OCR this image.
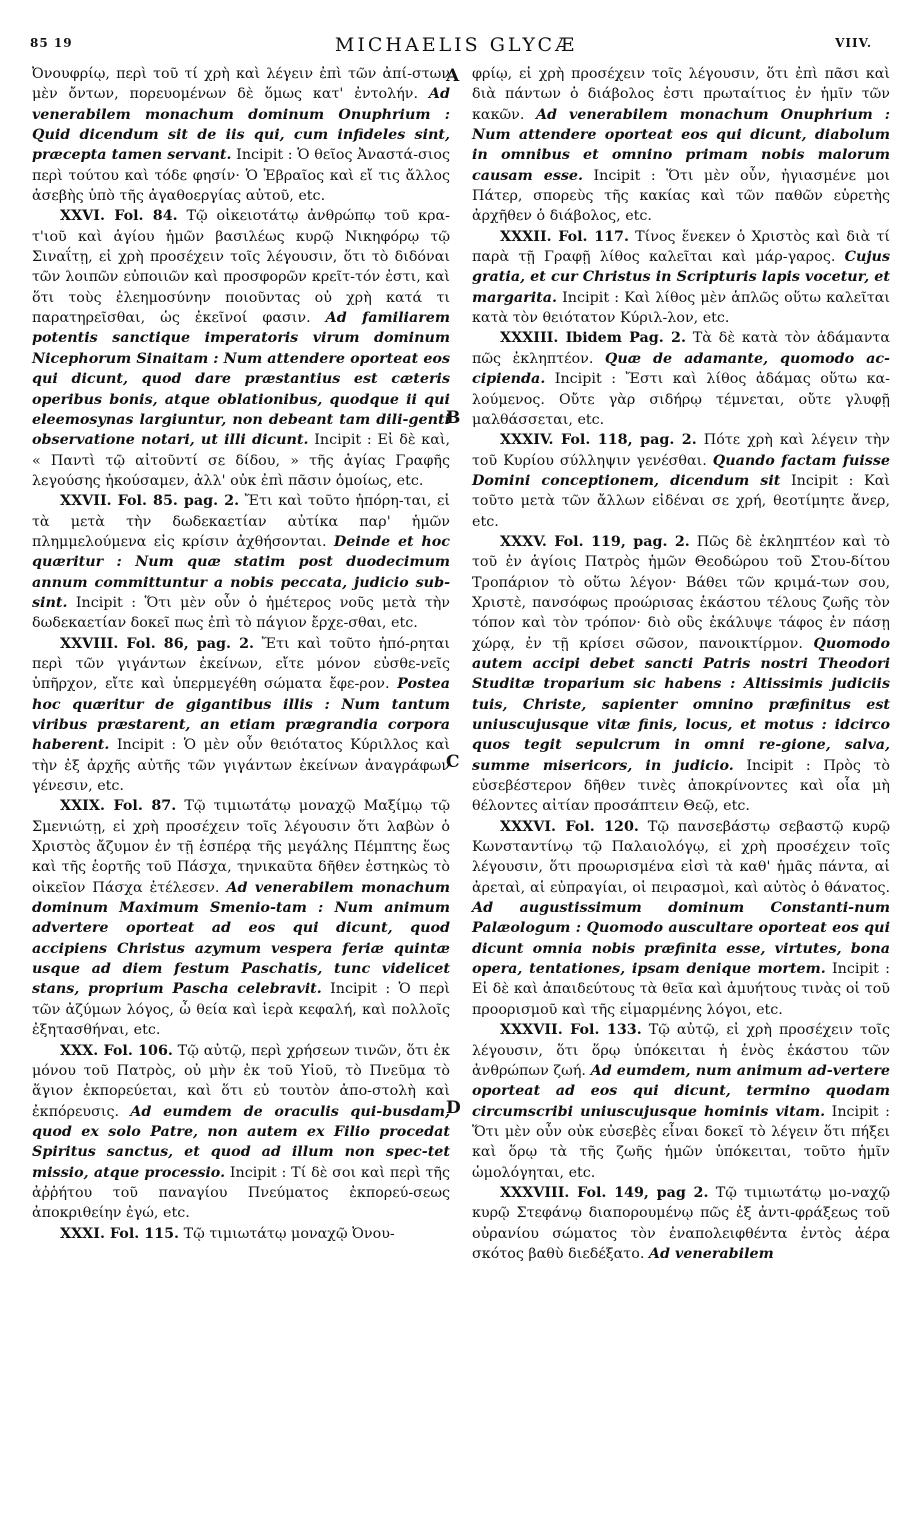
85 19	MICHAELIS GLYCÆ	VIIV.

Ὀνουφρίῳ, περὶ τοῦ τί χρὴ καὶ λέγειν ἐπὶ τῶν ἀπί-στων μὲν ὄντων, πορευομένων δὲ ὅμως κατ' ἐντολήν. Ad venerabilem monachum dominum Onuphrium : Quid dicendum sit de iis qui, cum infideles sint, præcepta tamen servant. Incipit : Ὁ θεῖος Ἀναστά-σιος περὶ τούτου καὶ τόδε φησίν· Ὁ Ἑβραῖος καὶ εἴ τις ἄλλος ἀσεβὴς ὑπὸ τῆς ἀγαθοεργίας αὐτοῦ, etc.

XXVI. Fol. 84. Τῷ οἰκειοτάτῳ ἀνθρώπῳ τοῦ κρα-τ'ιοῦ καὶ ἁγίου ἡμῶν βασιλέως κυρῷ Νικηφόρῳ τῷ Σιναΐτῃ, εἰ χρὴ προσέχειν τοῖς λέγουσιν, ὅτι τὸ διδόναι τῶν λοιπῶν εὐποιιῶν καὶ προσφορῶν κρεῖτ-τόν ἐστι, καὶ ὅτι τοὺς ἐλεημοσύνην ποιοῦντας οὐ χρὴ κατά τι παρατηρεῖσθαι, ὡς ἐκεῖνοί φασιν. Ad familiarem potentis sanctique imperatoris virum dominum Nicephorum Sinaitam : Num attendere oporteat eos qui dicunt, quod dare præstantius est cæteris operibus bonis, atque oblationibus, quodque ii qui eleemosynas largiuntur, non debeant tam dili-genti observatione notari, ut illi dicunt. Incipit : Εἰ δὲ καὶ, « Παντὶ τῷ αἰτοῦντί σε δίδου, » τῆς ἁγίας Γραφῆς λεγούσης ἠκούσαμεν, ἀλλ' οὐκ ἐπὶ πᾶσιν ὁμοίως, etc.

XXVII. Fol. 85. pag. 2. Ἔτι καὶ τοῦτο ἠπόρη-ται, εἰ τὰ μετὰ τὴν δωδεκαετίαν αὐτίκα παρ' ἡμῶν πλημμελούμενα εἰς κρίσιν ἀχθήσονται. Deinde et hoc quæritur : Num quæ statim post duodecimum annum committuntur a nobis peccata, judicio sub-sint. Incipit : Ὅτι μὲν οὖν ὁ ἡμέτερος νοῦς μετὰ τὴν δωδεκαετίαν δοκεῖ πως ἐπὶ τὸ πάγιον ἔρχε-σθαι, etc.

XXVIII. Fol. 86, pag. 2. Ἔτι καὶ τοῦτο ἠπό-ρηται περὶ τῶν γιγάντων ἐκείνων, εἴτε μόνον εὐσθε-νεῖς ὑπῆρχον, εἴτε καὶ ὑπερμεγέθη σώματα ἔφε-ρον. Postea hoc quæritur de gigantibus illis : Num tantum viribus præstarent, an etiam prægrandia corpora haberent. Incipit : Ὁ μὲν οὖν θειότατος Κύριλλος καὶ τὴν ἐξ ἀρχῆς αὐτῆς τῶν γιγάντων ἐκείνων ἀναγράφων γένεσιν, etc.

XXIX. Fol. 87. Τῷ τιμιωτάτῳ μοναχῷ Μαξίμῳ τῷ Σμενιώτῃ, εἰ χρὴ προσέχειν τοῖς λέγουσιν ὅτι λαβὼν ὁ Χριστὸς ἄζυμον ἐν τῇ ἑσπέρᾳ τῆς μεγάλης Πέμπτης ἕως καὶ τῆς ἑορτῆς τοῦ Πάσχα, τηνικαῦτα δῆθεν ἑστηκὼς τὸ οἰκεῖον Πάσχα ἐτέλεσεν. Ad venerabilem monachum dominum Maximum Smenio-tam : Num animum advertere oporteat ad eos qui dicunt, quod accipiens Christus azymum vespera feriæ quintæ usque ad diem festum Paschatis, tunc videlicet stans, proprium Pascha celebravit. Incipit : Ὁ περὶ τῶν ἀζύμων λόγος, ὦ θεία καὶ ἱερὰ κεφαλή, καὶ πολλοῖς ἐξητασθήναι, etc.

XXX. Fol. 106. Τῷ αὐτῷ, περὶ χρήσεων τινῶν, ὅτι ἐκ μόνου τοῦ Πατρὸς, οὐ μὴν ἐκ τοῦ Υἱοῦ, τὸ Πνεῦμα τὸ ἅγιον ἐκπορεύεται, καὶ ὅτι εὐ τουτὸν ἀπο-στολὴ καὶ ἐκπόρευσις. Ad eumdem de oraculis qui-busdam, quod ex solo Patre, non autem ex Filio procedat Spiritus sanctus, et quod ad illum non spec-tet missio, atque processio. Incipit : Τί δὲ σοι καὶ περὶ τῆς ἀῤῥήτου τοῦ παναγίου Πνεύματος ἐκπορεύ-σεως ἀποκριθείην ἐγώ, etc.

XXXI. Fol. 115. Τῷ τιμιωτάτῳ μοναχῷ Ὀνου-

φρίῳ, εἰ χρὴ προσέχειν τοῖς λέγουσιν, ὅτι ἐπὶ πᾶσι καὶ διὰ πάντων ὁ διάβολος ἐστι πρωταίτιος ἐν ἡμῖν τῶν κακῶν. Ad venerabilem monachum Onuphrium : Num attendere oporteat eos qui dicunt, diabolum in omnibus et omnino primam nobis malorum causam esse. Incipit : Ὅτι μὲν οὖν, ἠγιασμένε μοι Πάτερ, σπορεὺς τῆς κακίας καὶ τῶν παθῶν εὑρετὴς ἀρχῆθεν ὁ διάβολος, etc.

XXXII. Fol. 117. Τίνος ἕνεκεν ὁ Χριστὸς καὶ διὰ τί παρὰ τῇ Γραφῇ λίθος καλεῖται καὶ μάρ-γαρος. Cujus gratia, et cur Christus in Scripturis lapis vocetur, et margarita. Incipit : Καὶ λίθος μὲν ἁπλῶς οὕτω καλεῖται κατὰ τὸν θειότατον Κύριλ-λον, etc.

XXXIII. Ibidem Pag. 2. Τὰ δὲ κατὰ τὸν ἀδάμαντα πῶς ἐκληπτέον. Quæ de adamante, quomodo ac-cipienda. Incipit : Ἔστι καὶ λίθος ἀδάμας οὕτω κα-λούμενος. Οὔτε γὰρ σιδήρῳ τέμνεται, οὔτε γλυφῇ μαλθάσσεται, etc.

XXXIV. Fol. 118, pag. 2. Πότε χρὴ καὶ λέγειν τὴν τοῦ Κυρίου σύλληψιν γενέσθαι. Quando factam fuisse Domini conceptionem, dicendum sit Incipit : Καὶ τοῦτο μετὰ τῶν ἄλλων εἰδέναι σε χρή, θεοτίμητε ἄνερ, etc.

XXXV. Fol. 119, pag. 2. Πῶς δὲ ἐκληπτέον καὶ τὸ τοῦ ἐν ἁγίοις Πατρὸς ἡμῶν Θεοδώρου τοῦ Στου-δίτου Τροπάριον τὸ οὕτω λέγον· Βάθει τῶν κριμά-των σου, Χριστὲ, πανσόφως προώρισας ἑκάστου τέλους ζωῆς τὸν τόπον καὶ τὸν τρόπον· διὸ οὓς ἐκάλυψε τάφος ἐν πάσῃ χώρᾳ, ἐν τῇ κρίσει σῶσον, πανοικτίρμον. Quomodo autem accipi debet sancti Patris nostri Theodori Studitæ troparium sic habens : Altissimis judiciis tuis, Christe, sapienter omnino præfinitus est uniuscujusque vitæ finis, locus, et motus : idcirco quos tegit sepulcrum in omni re-gione, salva, summe misericors, in judicio. Incipit : Πρὸς τὸ εὐσεβέστερον δῆθεν τινὲς ἀποκρίνοντες καὶ οἷα μὴ θέλοντες αἰτίαν προσάπτειν Θεῷ, etc.

XXXVI. Fol. 120. Τῷ πανσεβάστῳ σεβαστῷ κυρῷ Κωνσταντίνῳ τῷ Παλαιολόγῳ, εἰ χρὴ προσέχειν τοῖς λέγουσιν, ὅτι προωρισμένα εἰσὶ τὰ καθ' ἡμᾶς πάντα, αἱ ἀρεταὶ, αἱ εὐπραγίαι, οἱ πειρασμοὶ, καὶ αὐτὸς ὁ θάνατος. Ad augustissimum dominum Constanti-num Palæologum : Quomodo auscultare oporteat eos qui dicunt omnia nobis præfinita esse, virtutes, bona opera, tentationes, ipsam denique mortem. Incipit : Εἰ δὲ καὶ ἀπαιδεύτους τὰ θεῖα καὶ ἀμυήτους τινὰς οἱ τοῦ προορισμοῦ καὶ τῆς εἱμαρμένης λόγοι, etc.

XXXVII. Fol. 133. Τῷ αὐτῷ, εἰ χρὴ προσέχειν τοῖς λέγουσιν, ὅτι ὅρῳ ὑπόκειται ἡ ἑνὸς ἑκάστου τῶν ἀνθρώπων ζωή. Ad eumdem, num animum ad-vertere oporteat ad eos qui dicunt, termino quodam circumscribi uniuscujusque hominis vitam. Incipit : Ὅτι μὲν οὖν οὐκ εὐσεβὲς εἶναι δοκεῖ τὸ λέγειν ὅτι πήξει καὶ ὅρῳ τὰ τῆς ζωῆς ἡμῶν ὑπόκειται, τοῦτο ἡμῖν ὡμολόγηται, etc.

XXXVIII. Fol. 149, pag 2. Τῷ τιμιωτάτῳ μο-ναχῷ κυρῷ Στεφάνῳ διαπορουμένῳ πῶς ἐξ ἀντι-φράξεως τοῦ οὐρανίου σώματος τὸν ἐναπολειφθέντα ἐντὸς ἀέρα σκότος βαθὺ διεδέξατο. Ad venerabilem

A
B
C
D
